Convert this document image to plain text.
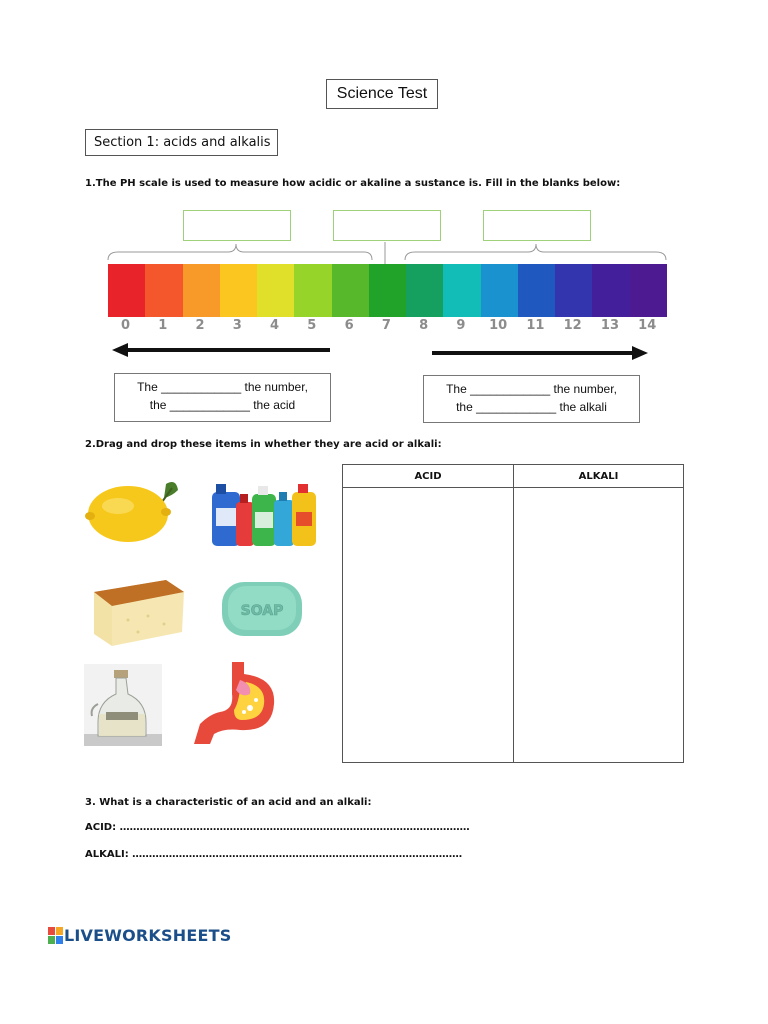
Science Test
Section 1: acids and alkalis
1.The PH scale is used to measure how acidic or akaline a sustance is. Fill in the blanks below:
0	1	2	3	4	5	6	7	8	9	10	11	12	13	14
The ____________ the number,
the ____________ the acid
The ____________ the number,
the ____________ the alkali
2.Drag and drop these items in whether they are acid or alkali:
SOAP
ACID	ALKALI
3. What is a characteristic of an acid and an alkali:
ACID: ……………………………………………………………………………………………
ALKALI: ………………………………………………………………………………………
LIVEWORKSHEETS
